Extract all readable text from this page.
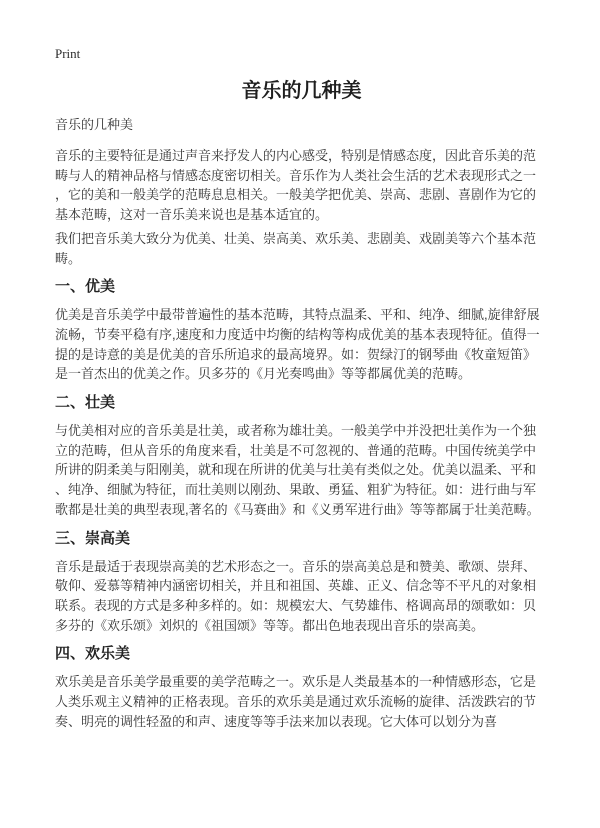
Print
音乐的几种美
音乐的几种美

音乐的主要特征是通过声音来抒发人的内心感受，特别是情感态度，因此音乐美的范畴与人的精神品格与情感态度密切相关。音乐作为人类社会生活的艺术表现形式之一，它的美和一般美学的范畴息息相关。一般美学把优美、崇高、悲剧、喜剧作为它的基本范畴，这对一音乐美来说也是基本适宜的。

我们把音乐美大致分为优美、壮美、崇高美、欢乐美、悲剧美、戏剧美等六个基本范畴。

一、优美

优美是音乐美学中最带普遍性的基本范畴，其特点温柔、平和、纯净、细腻,旋律舒展流畅，节奏平稳有序,速度和力度适中均衡的结构等构成优美的基本表现特征。值得一提的是诗意的美是优美的音乐所追求的最高境界。如：贺绿汀的钢琴曲《牧童短笛》是一首杰出的优美之作。贝多芬的《月光奏鸣曲》等等都属优美的范畴。

二、壮美

与优美相对应的音乐美是壮美，或者称为雄壮美。一般美学中并没把壮美作为一个独立的范畴，但从音乐的角度来看，壮美是不可忽视的、普通的范畴。中国传统美学中所讲的阴柔美与阳刚美，就和现在所讲的优美与壮美有类似之处。优美以温柔、平和、纯净、细腻为特征，而壮美则以刚劲、果敢、勇猛、粗犷为特征。如：进行曲与军歌都是壮美的典型表现,著名的《马赛曲》和《义勇军进行曲》等等都属于壮美范畴。

三、崇高美

音乐是最适于表现崇高美的艺术形态之一。音乐的崇高美总是和赞美、歌颂、崇拜、敬仰、爱慕等精神内涵密切相关，并且和祖国、英雄、正义、信念等不平凡的对象相联系。表现的方式是多种多样的。如：规模宏大、气势雄伟、格调高昂的颂歌如：贝多芬的《欢乐颂》刘炽的《祖国颂》等等。都出色地表现出音乐的崇高美。

四、欢乐美

欢乐美是音乐美学最重要的美学范畴之一。欢乐是人类最基本的一种情感形态，它是人类乐观主义精神的正格表现。音乐的欢乐美是通过欢乐流畅的旋律、活泼跌宕的节奏、明亮的调性轻盈的和声、速度等等手法来加以表现。它大体可以划分为喜
